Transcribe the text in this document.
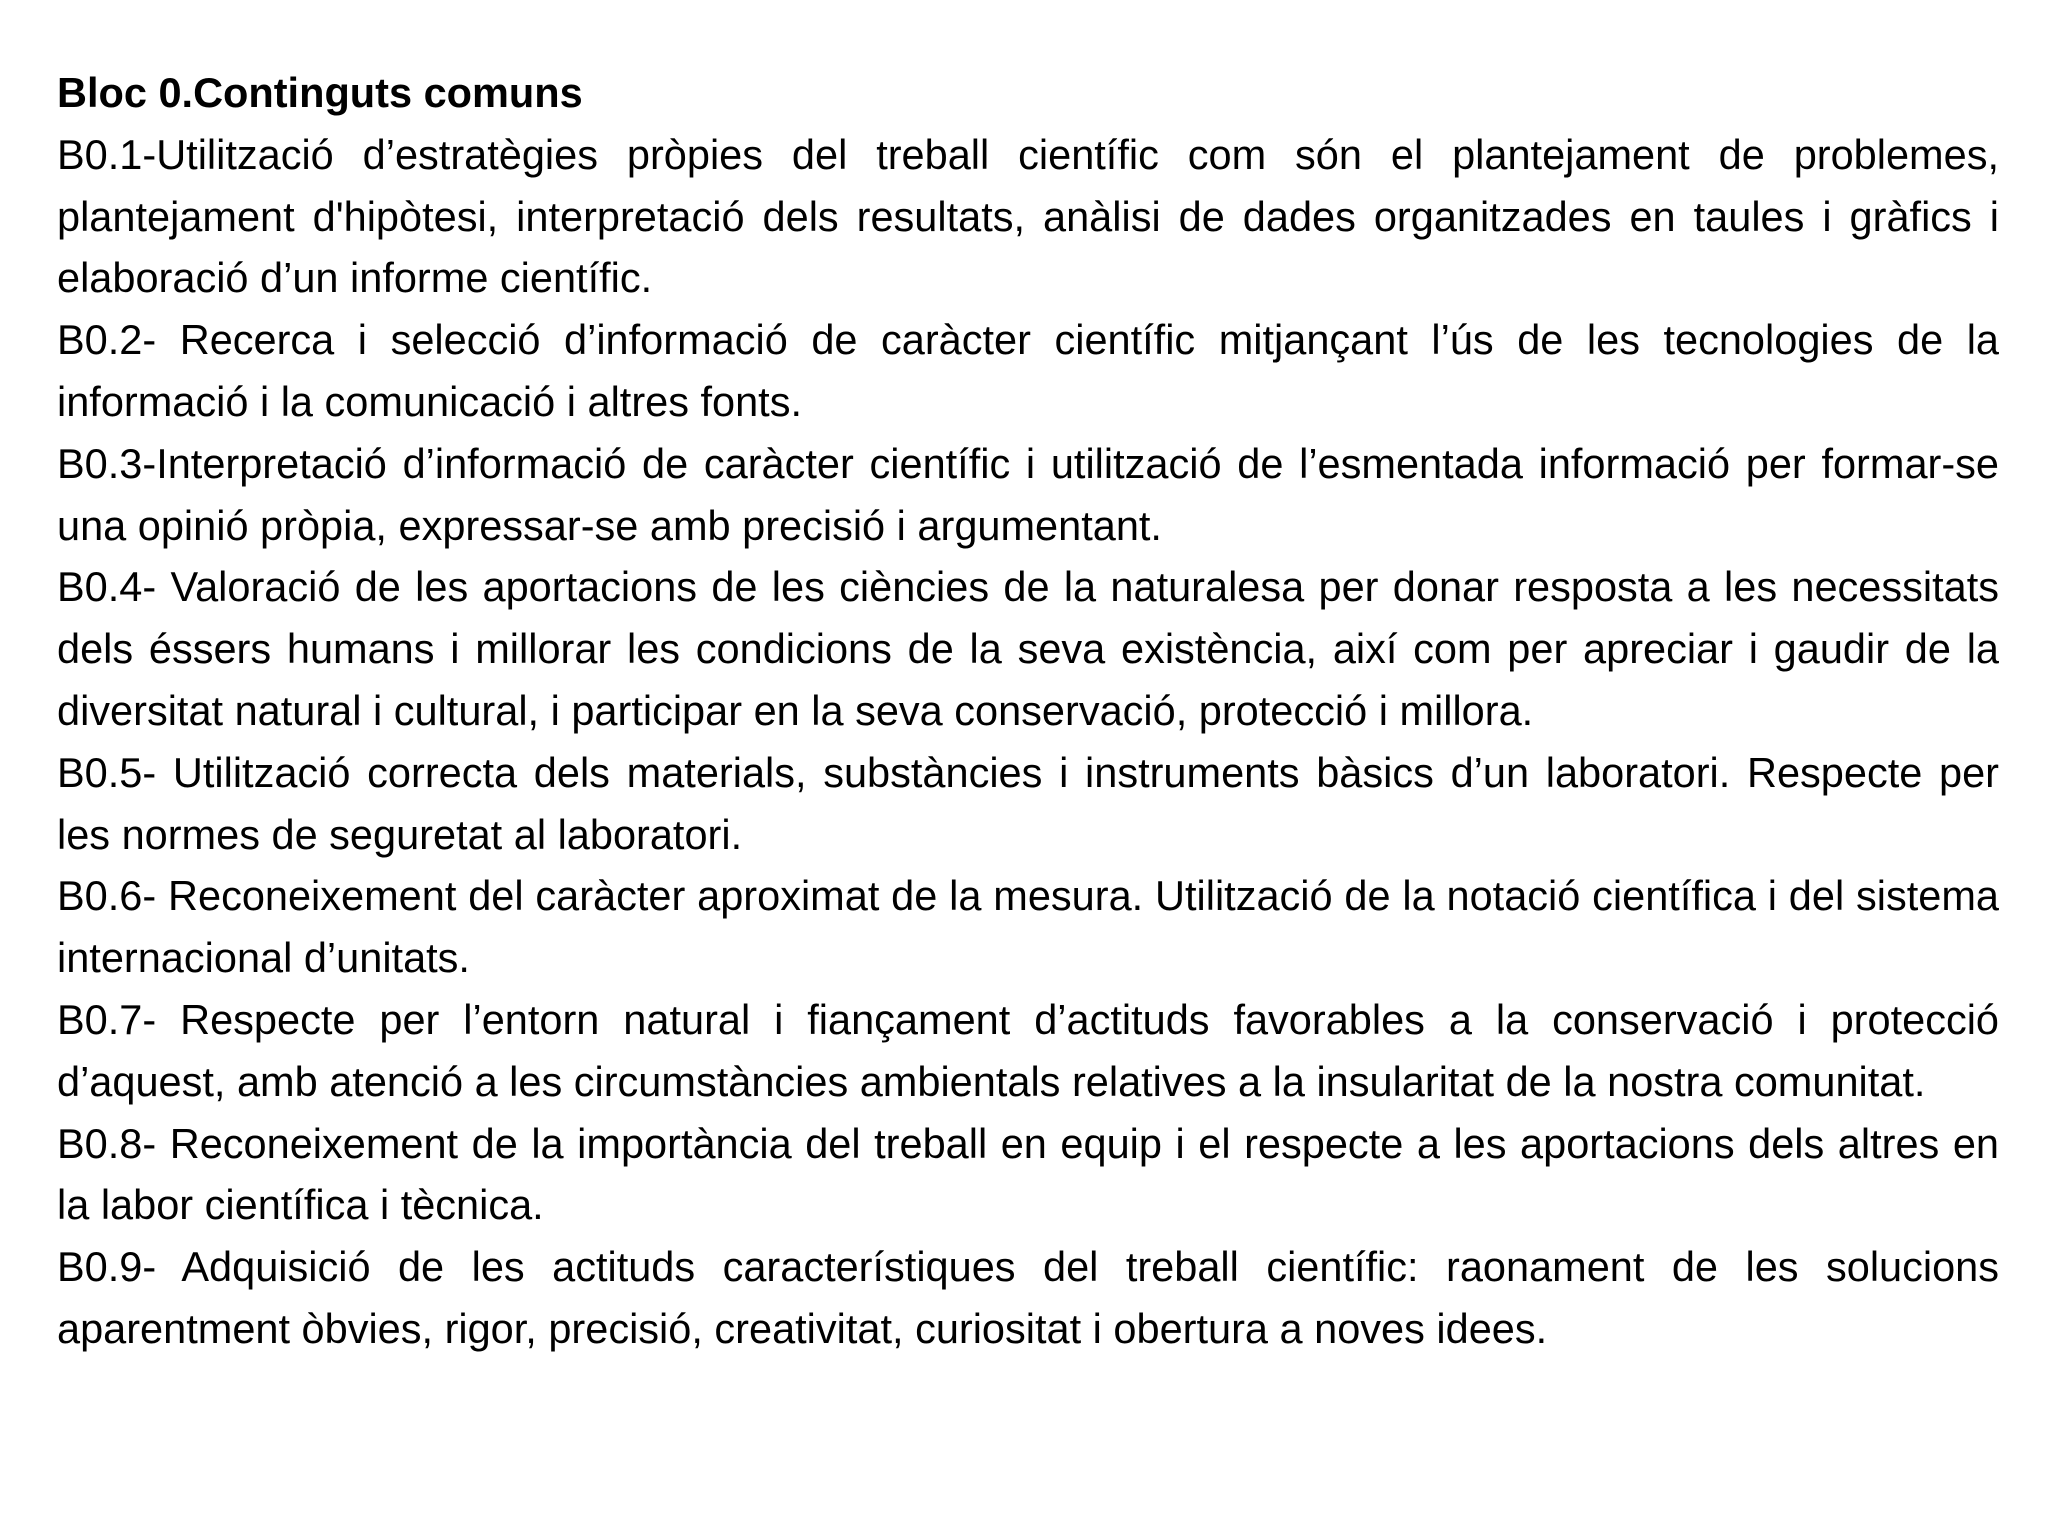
Bloc 0.Continguts comuns

B0.1-Utilització d’estratègies pròpies del treball científic com són el plantejament de problemes, plantejament d'hipòtesi, interpretació dels resultats, anàlisi de dades organitzades en taules i gràfics i elaboració d’un informe científic.

B0.2- Recerca i selecció d’informació de caràcter científic mitjançant l’ús de les tecnologies de la informació i la comunicació i altres fonts.

B0.3-Interpretació d’informació de caràcter científic i utilització de l’esmentada informació per formar-se una opinió pròpia, expressar-se amb precisió i argumentant.

B0.4- Valoració de les aportacions de les ciències de la naturalesa per donar resposta a les necessitats dels éssers humans i millorar les condicions de la seva existència, així com per apreciar i gaudir de la diversitat natural i cultural, i participar en la seva conservació, protecció i millora.

B0.5- Utilització correcta dels materials, substàncies i instruments bàsics d’un laboratori. Respecte per les normes de seguretat al laboratori.

B0.6- Reconeixement del caràcter aproximat de la mesura. Utilització de la notació científica i del sistema internacional d’unitats.

B0.7- Respecte per l’entorn natural i fiançament d’actituds favorables a la conservació i protecció d’aquest, amb atenció a les circumstàncies ambientals relatives a la insularitat de la nostra comunitat.

B0.8- Reconeixement de la importància del treball en equip i el respecte a les aportacions dels altres en la labor científica i tècnica.

B0.9- Adquisició de les actituds característiques del treball científic: raonament de les solucions aparentment òbvies, rigor, precisió, creativitat, curiositat i obertura a noves idees.
